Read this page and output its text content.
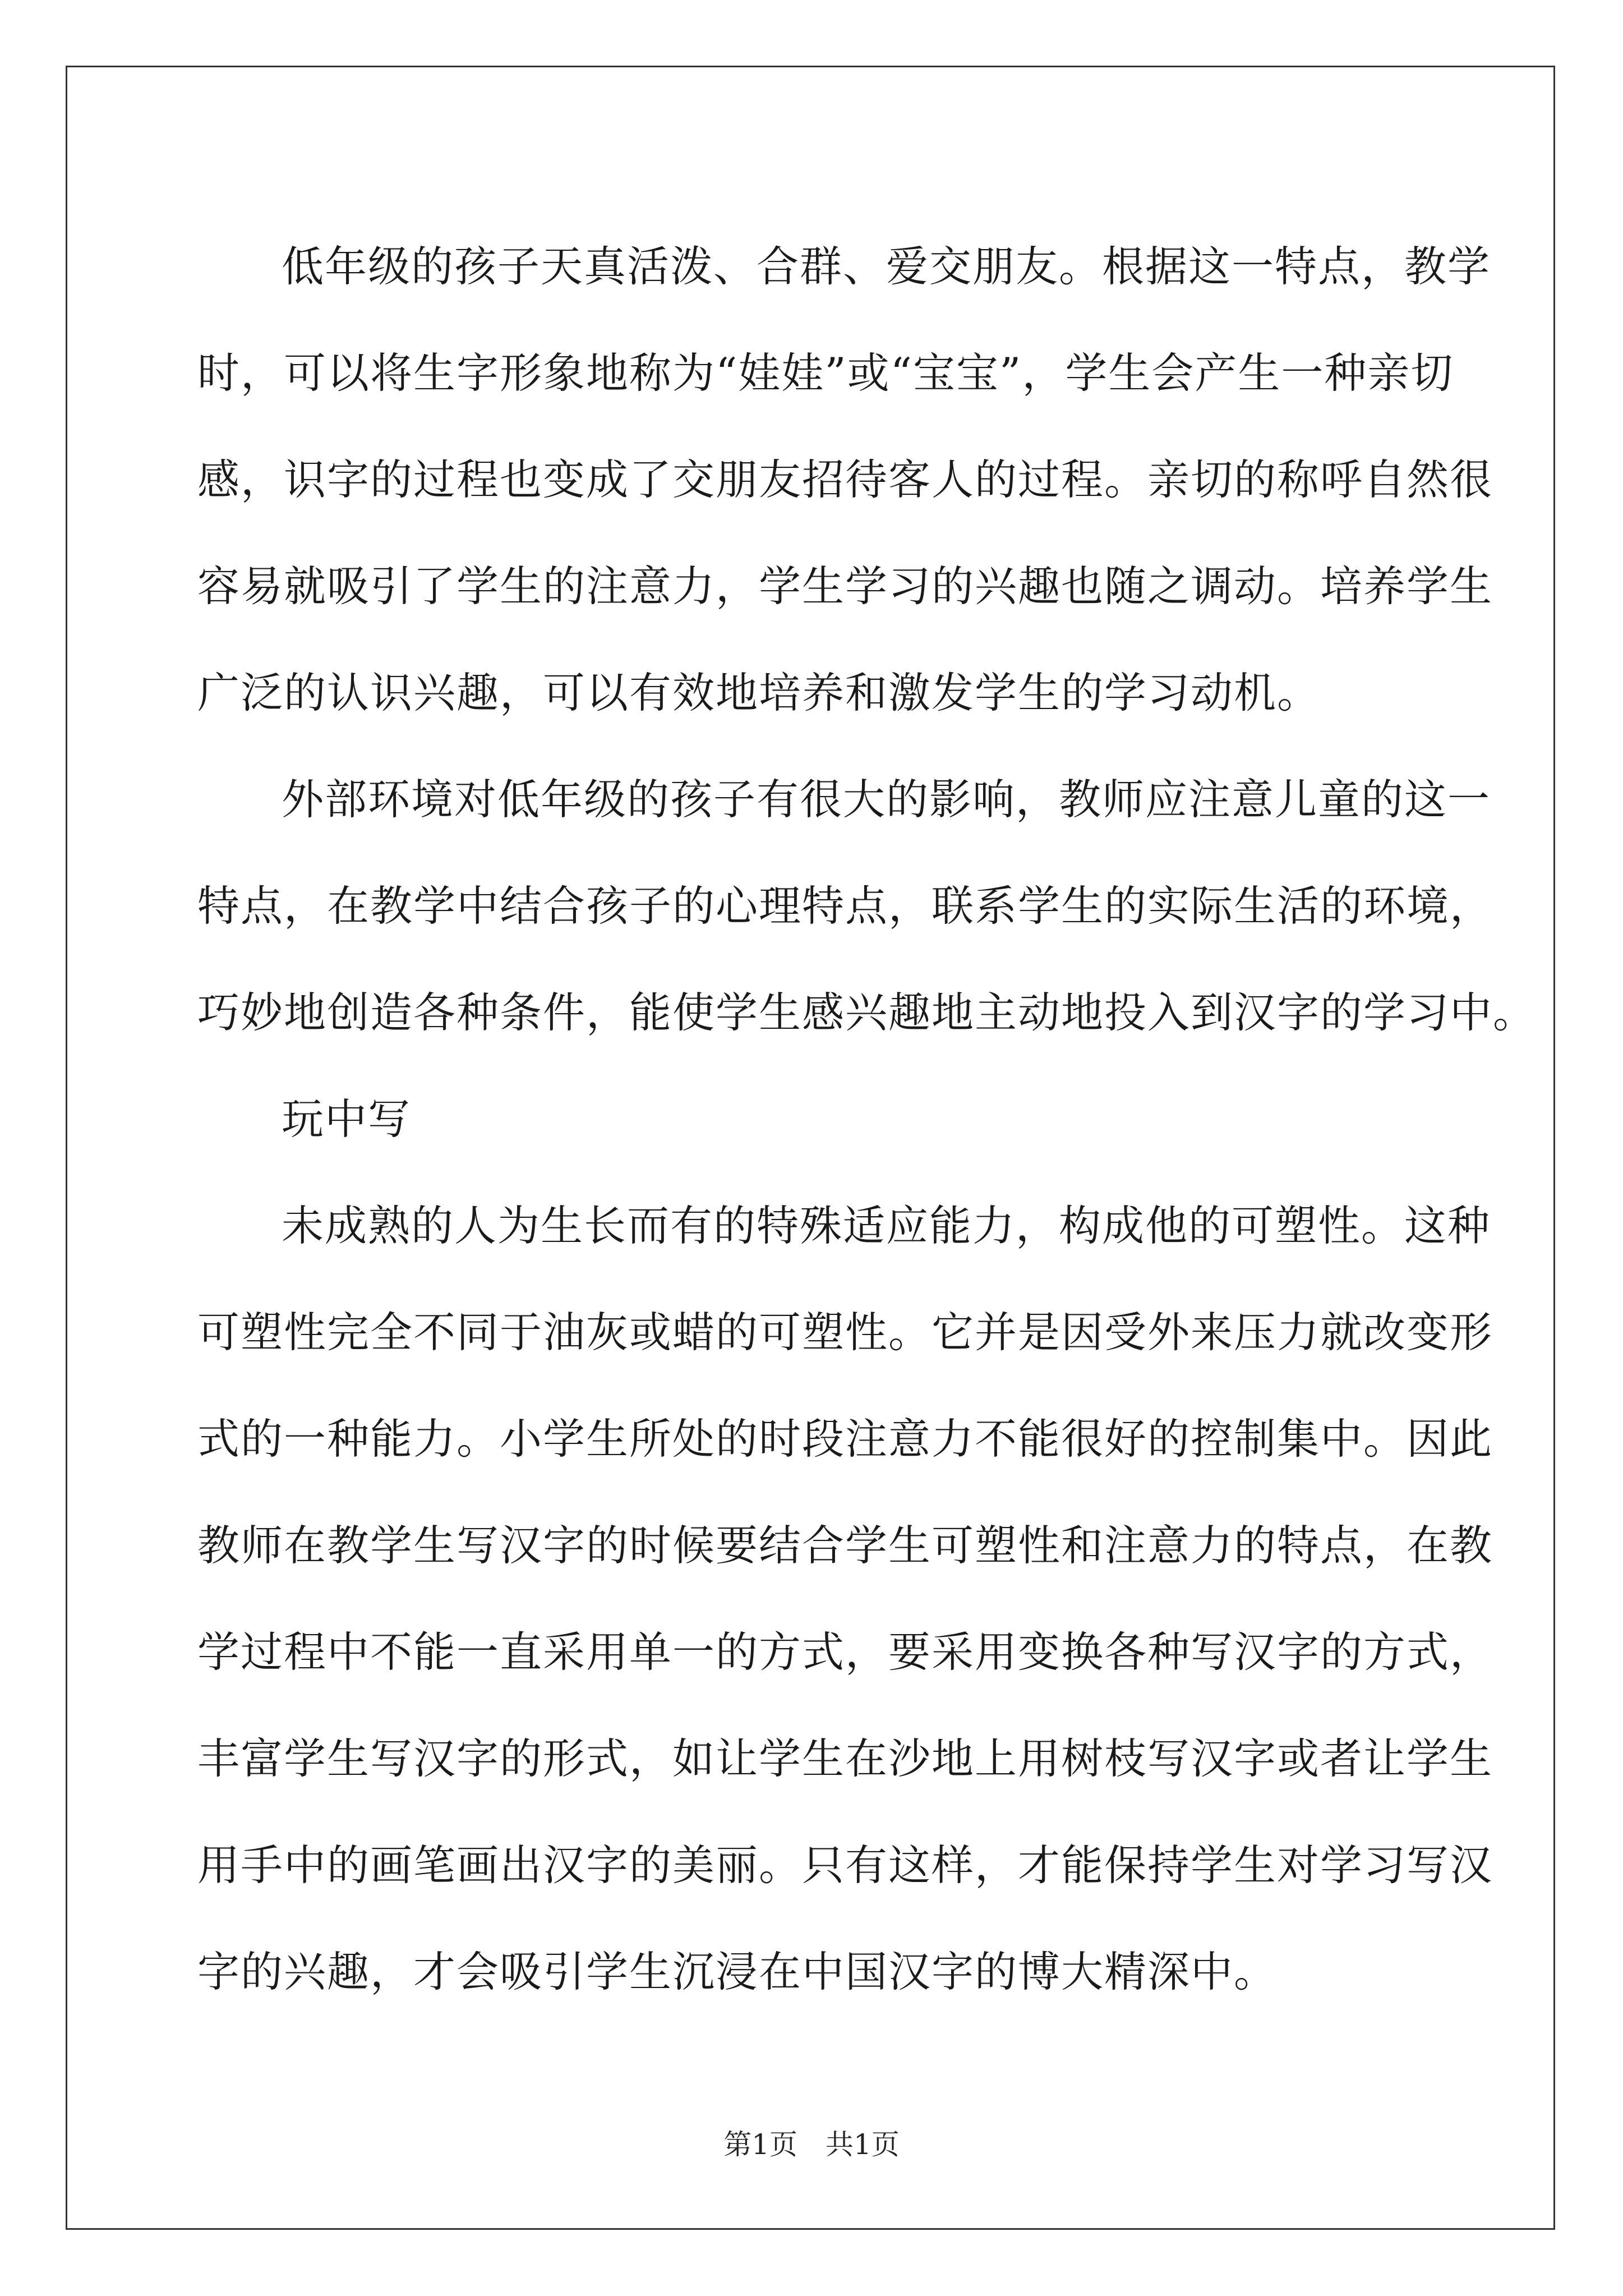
低年级的孩子天真活泼、合群、爱交朋友。根据这一特点，教学
时，可以将生字形象地称为“娃娃”或“宝宝”，学生会产生一种亲切
感，识字的过程也变成了交朋友招待客人的过程。亲切的称呼自然很
容易就吸引了学生的注意力，学生学习的兴趣也随之调动。培养学生
广泛的认识兴趣，可以有效地培养和激发学生的学习动机。
外部环境对低年级的孩子有很大的影响，教师应注意儿童的这一
特点，在教学中结合孩子的心理特点，联系学生的实际生活的环境，
巧妙地创造各种条件，能使学生感兴趣地主动地投入到汉字的学习中。
玩中写
未成熟的人为生长而有的特殊适应能力，构成他的可塑性。这种
可塑性完全不同于油灰或蜡的可塑性。它并是因受外来压力就改变形
式的一种能力。小学生所处的时段注意力不能很好的控制集中。因此
教师在教学生写汉字的时候要结合学生可塑性和注意力的特点，在教
学过程中不能一直采用单一的方式，要采用变换各种写汉字的方式，
丰富学生写汉字的形式，如让学生在沙地上用树枝写汉字或者让学生
用手中的画笔画出汉字的美丽。只有这样，才能保持学生对学习写汉
字的兴趣，才会吸引学生沉浸在中国汉字的博大精深中。
第1页　共1页
